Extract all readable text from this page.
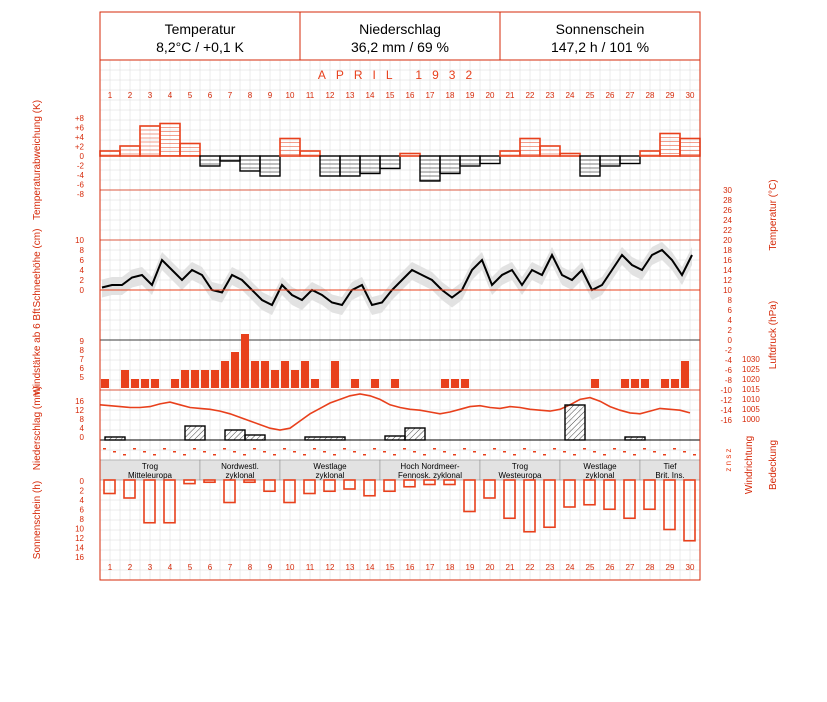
Temperatur
8,2°C / +0,1 K
Niederschlag
36,2 mm / 69 %
Sonnenschein
147,2 h / 101 %
APRIL 1932
Trog
Mitteleuropa
Nordwestl.
zyklonal
Westlage
zyklonal
Hoch Nordmeer-
Fennosk. zyklonal
Trog
Westeuropa
Westlage
zyklonal
Tief
Brit. Ins.
1
1
2
2
3
3
4
4
5
5
6
6
7
7
8
8
9
9
10
10
11
11
12
12
13
13
14
14
15
15
16
16
17
17
18
18
19
19
20
20
21
21
22
22
23
23
24
24
25
25
26
26
27
27
28
28
29
29
30
30
+8
+6
+4
+2
0
-2
-4
-6
-8
10
8
6
4
2
0
30
28
26
24
22
20
18
16
14
12
10
8
6
4
2
0
-2
-4
-6
-8
-10
-12
-14
-16
1030
1025
1020
1015
1010
1005
1000
9
8
7
6
5
16
12
8
4
0
0
2
4
6
8
10
12
14
16
Temperaturabweichung (K)
Schneehöhe (cm)
Windstärke ab 6 Bft
Niederschlag (mm)
Sonnenschein (h)
Temperatur (°C)
Luftdruck (hPa)
Windrichtung Bedeckung
z n s z
